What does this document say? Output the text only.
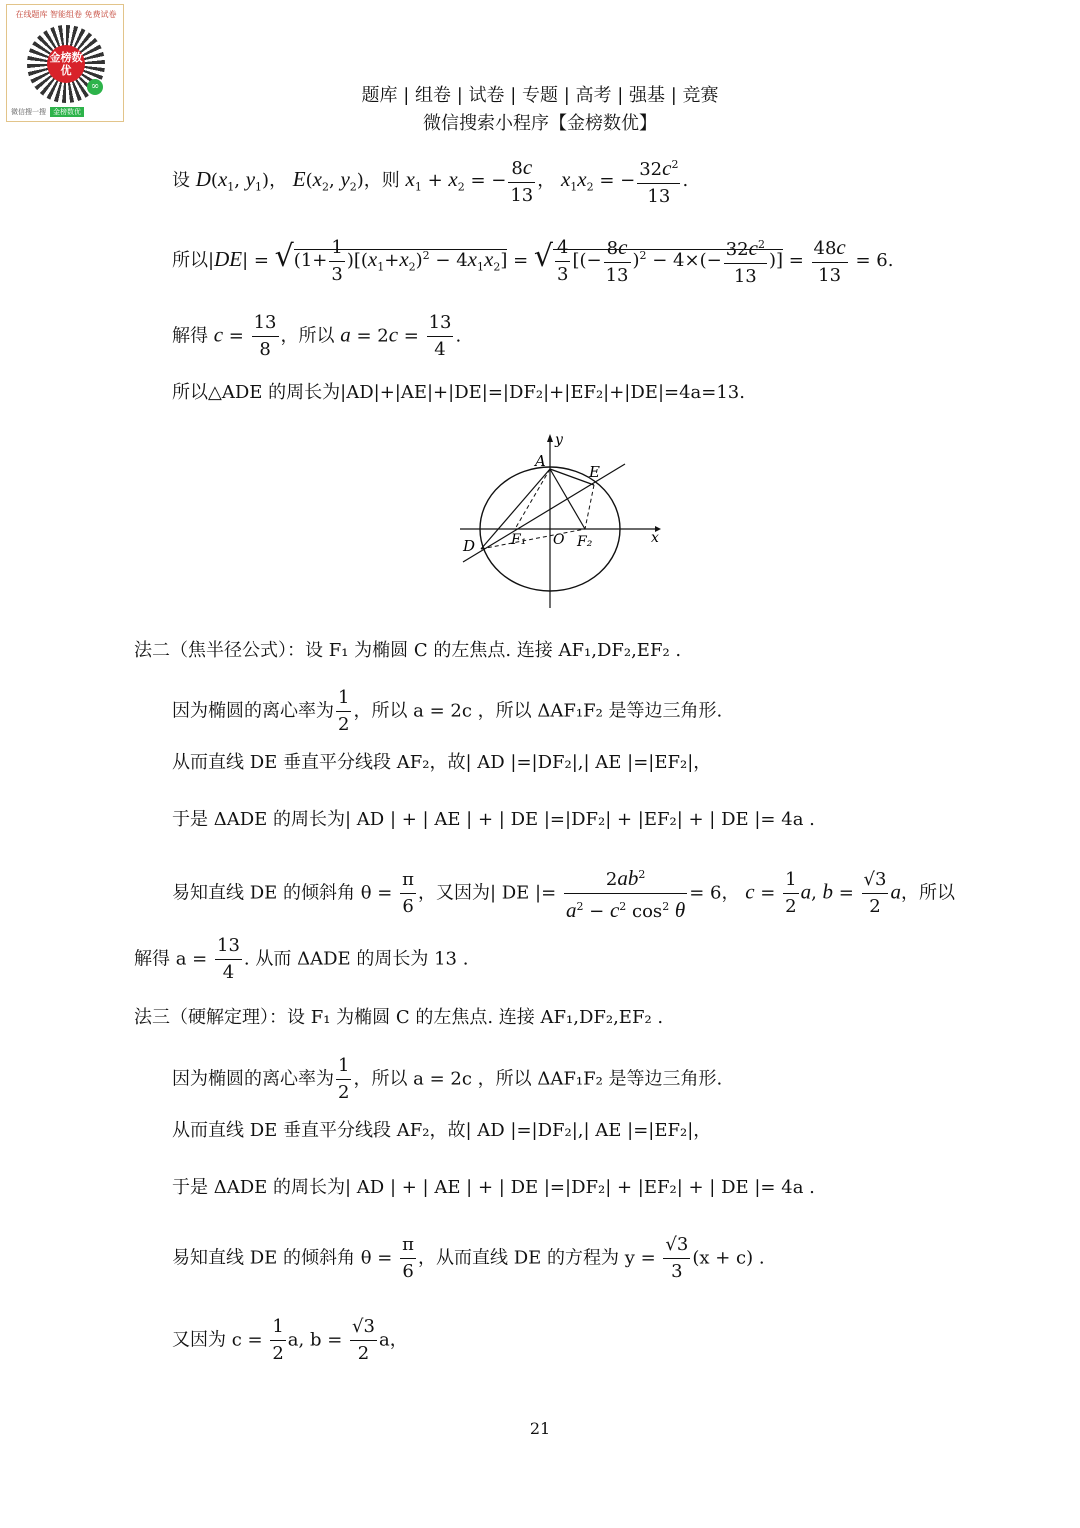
在线题库 智能组卷 免费试卷
金榜数优
∞
微信搜一搜 金榜数优
题库 | 组卷 | 试卷 | 专题 | 高考 | 强基 | 竞赛
微信搜索小程序【金榜数优】
设 $D(x_1$, $y_1$)， $E(x_2$, $y_2$)，则 $x_1 + x_2$ = − $\frac{8c}{13}$ ， $x_1x_2$ = − $\frac{32c^2}{13}$ .
所以$|DE| = √(1+ \frac{1}{3} )[(x_1+x_2)^2 - 4x_1x_2]$ = √ $\frac{4}{3}$ [(− $\frac{8c}{13} )^2 - 4\times(- \frac{32c^2}{13}$ )] = $\frac{48c}{13} = 6$.
解得 $c = \frac{13}{8}$ ，所以 $a = 2c = \frac{13}{4}$ .
所以△ADE 的周长为|AD|+|AE|+|DE|=|DF₂|+|EF₂|+|DE|=4a=13.
y
x
A
E
D	F₁ O F₂
法二（焦半径公式）：设 F₁ 为椭圆 C 的左焦点. 连接 AF₁,DF₂,EF₂ .
因为椭圆的离心率为 $\frac{1}{2}$ ，所以 a = 2c ，所以 ΔAF₁F₂ 是等边三角形.
从而直线 DE 垂直平分线段 AF₂，故| AD |=|DF₂|,| AE |=|EF₂|，
于是 ΔADE 的周长为| AD | + | AE | + | DE |=|DF₂| + |EF₂| + | DE |= 4a .
易知直线 DE 的倾斜角 $\theta = \frac{\pi}{6}$ ，又因为| DE |= $\frac{2ab^2}{a^2 - c^2 \cos^2 \theta} = 6$， $c = \frac{1}{2} a$, $b = \frac{√3}{2}$ a，所以
解得 $a = \frac{13}{4}$ . 从而 ΔADE 的周长为 13 .
法三（硬解定理）：设 F₁ 为椭圆 C 的左焦点. 连接 AF₁,DF₂,EF₂ .
因为椭圆的离心率为 $\frac{1}{2}$ ，所以 a = 2c ，所以 ΔAF₁F₂ 是等边三角形.
从而直线 DE 垂直平分线段 AF₂，故| AD |=|DF₂|,| AE |=|EF₂|，
于是 ΔADE 的周长为| AD | + | AE | + | DE |=|DF₂| + |EF₂| + | DE |= 4a .
易知直线 DE 的倾斜角 $\theta = \frac{\pi}{6}$ ，从而直线 DE 的方程为 $y = \frac{√3}{3} (x + c)$ .
又因为 $c = \frac{1}{2} a$, $b = \frac{√3}{2}$ a，
21
